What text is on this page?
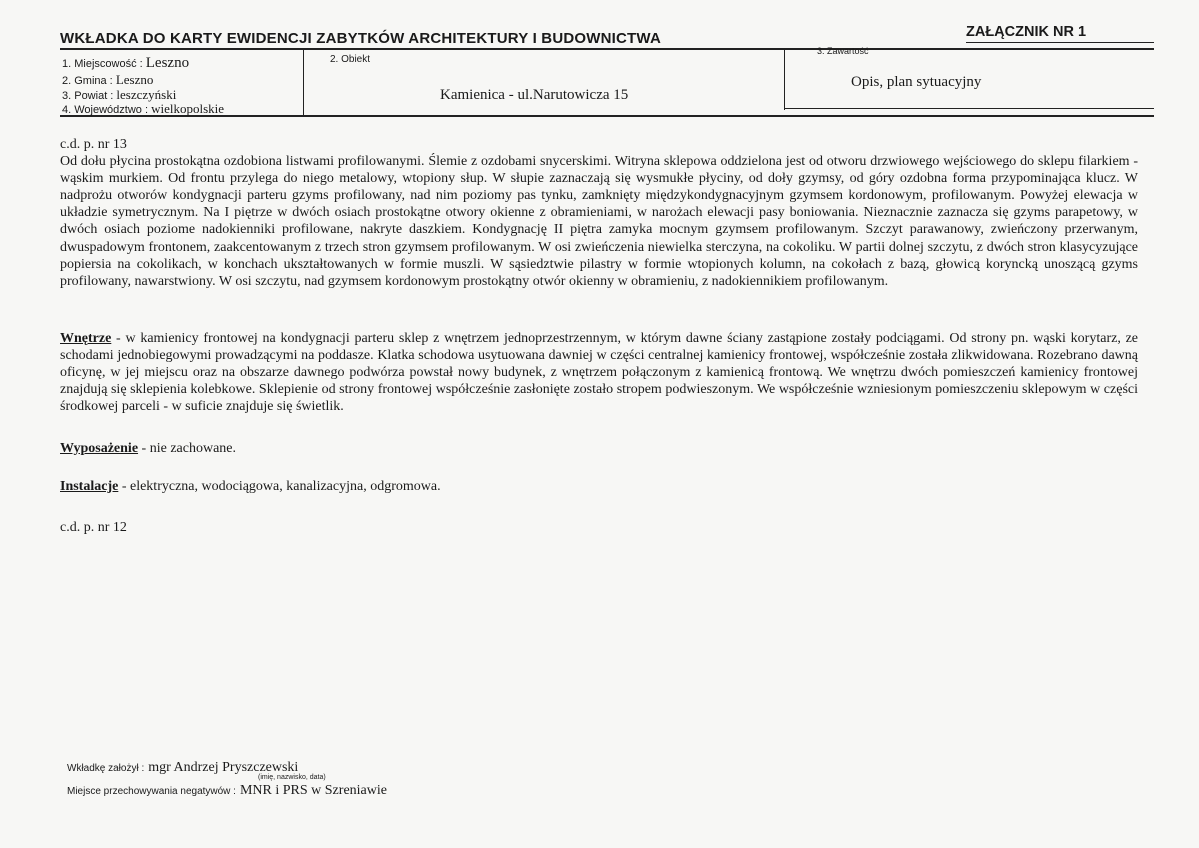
WKŁADKA DO KARTY EWIDENCJI ZABYTKÓW ARCHITEKTURY I BUDOWNICTWA	ZAŁĄCZNIK NR 1
1. Miejscowość : Leszno
2. Gmina : Leszno
3. Powiat : leszczyński
4. Województwo : wielkopolskie
2. Obiekt
Kamienica - ul.Narutowicza 15
3. Zawartość
Opis, plan sytuacyjny

c.d. p. nr 13

Od dołu płycina prostokątna ozdobiona listwami profilowanymi. Ślemie z ozdobami snycerskimi. Witryna sklepowa oddzielona jest od otworu drzwiowego wejściowego do sklepu filarkiem - wąskim murkiem. Od frontu przylega do niego metalowy, wtopiony słup. W słupie zaznaczają się wysmukłe płyciny, od doły gzymsy, od góry ozdobna forma przypominająca klucz. W nadprożu otworów kondygnacji parteru gzyms profilowany, nad nim poziomy pas tynku, zamknięty międzykondygnacyjnym gzymsem kordonowym, profilowanym. Powyżej elewacja w układzie symetrycznym. Na I piętrze w dwóch osiach prostokątne otwory okienne z obramieniami, w narożach elewacji pasy boniowania. Nieznacznie zaznacza się gzyms parapetowy, w dwóch osiach poziome nadokienniki profilowane, nakryte daszkiem. Kondygnację II piętra zamyka mocnym gzymsem profilowanym. Szczyt parawanowy, zwieńczony przerwanym, dwuspadowym frontonem, zaakcentowanym z trzech stron gzymsem profilowanym. W osi zwieńczenia niewielka sterczyna, na cokoliku. W partii dolnej szczytu, z dwóch stron klasycyzujące popiersia na cokolikach, w konchach ukształtowanych w formie muszli. W sąsiedztwie pilastry w formie wtopionych kolumn, na cokołach z bazą, głowicą koryncką unoszącą gzyms profilowany, nawarstwiony. W osi szczytu, nad gzymsem kordonowym prostokątny otwór okienny w obramieniu, z nadokiennikiem profilowanym.

Wnętrze - w kamienicy frontowej na kondygnacji parteru sklep z wnętrzem jednoprzestrzennym, w którym dawne ściany zastąpione zostały podciągami. Od strony pn. wąski korytarz, ze schodami jednobiegowymi prowadzącymi na poddasze. Klatka schodowa usytuowana dawniej w części centralnej kamienicy frontowej, współcześnie została zlikwidowana. Rozebrano dawną oficynę, w jej miejscu oraz na obszarze dawnego podwórza powstał nowy budynek, z wnętrzem połączonym z kamienicą frontową. We wnętrzu dwóch pomieszczeń kamienicy frontowej znajdują się sklepienia kolebkowe. Sklepienie od strony frontowej współcześnie zasłonięte zostało stropem podwieszonym. We współcześnie wzniesionym pomieszczeniu sklepowym w części środkowej parceli - w suficie znajduje się świetlik.

Wyposażenie - nie zachowane.
Instalacje - elektryczna, wodociągowa, kanalizacyjna, odgromowa.
c.d. p. nr 12
Wkładkę założył : mgr Andrzej Pryszczewski
(imię, nazwisko, data)
Miejsce przechowywania negatywów : MNR i PRS w Szreniawie
